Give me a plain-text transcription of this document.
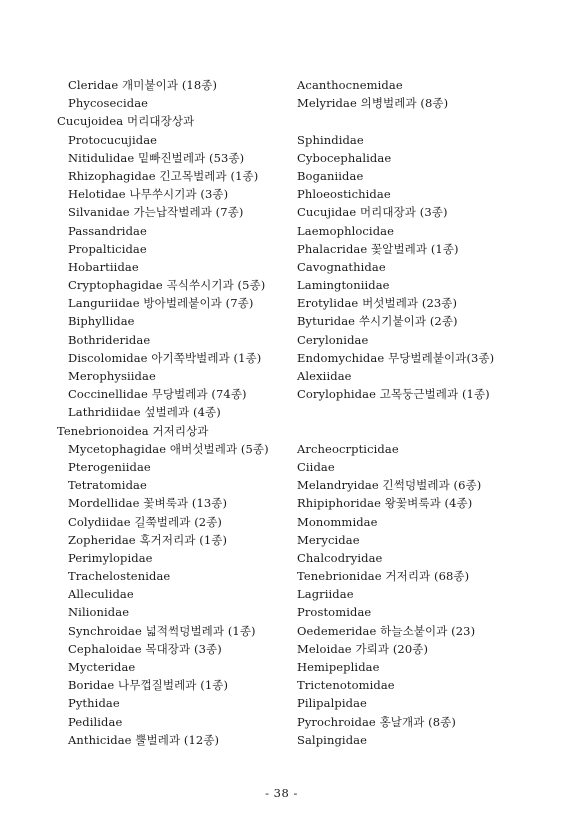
Cleridae 개미붙이과 (18종)
Phycosecidae
Cucujoidea 머리대장상과
Protocucujidae
Nitidulidae 밑빠진벌레과 (53종)
Rhizophagidae 긴고목벌레과 (1종)
Helotidae 나무쑤시기과 (3종)
Silvanidae 가는납작벌레과 (7종)
Passandridae
Propalticidae
Hobartiidae
Cryptophagidae 곡식쑤시기과 (5종)
Languriidae 방아벌레붙이과 (7종)
Biphyllidae
Bothrideridae
Discolomidae 아기쪽박벌레과 (1종)
Merophysiidae
Coccinellidae 무당벌레과 (74종)
Lathridiidae 섶벌레과 (4종)
Tenebrionoidea 거저리상과
Mycetophagidae 애버섯벌레과 (5종)
Pterogeniidae
Tetratomidae
Mordellidae 꽃벼룩과 (13종)
Colydiidae 길쭉벌레과 (2종)
Zopheridae 혹거저리과 (1종)
Perimylopidae
Trachelostenidae
Alleculidae
Nilionidae
Synchroidae 넓적썩덩벌레과 (1종)
Cephaloidae 목대장과 (3종)
Mycteridae
Boridae 나무껍질벌레과 (1종)
Pythidae
Pedilidae
Anthicidae 뿔벌레과 (12종)
Acanthocnemidae
Melyridae 의병벌레과 (8종)
Sphindidae
Cybocephalidae
Boganiidae
Phloeostichidae
Cucujidae 머리대장과 (3종)
Laemophlocidae
Phalacridae 꽃알벌레과 (1종)
Cavognathidae
Lamingtoniidae
Erotylidae 버섯벌레과 (23종)
Byturidae 쑤시기붙이과 (2종)
Cerylonidae
Endomychidae 무당벌레붙이과(3종)
Alexiidae
Corylophidae 고목둥근벌레과 (1종)
Archeocrpticidae
Ciidae
Melandryidae 긴썩덩벌레과 (6종)
Rhipiphoridae 왕꽃벼룩과 (4종)
Monommidae
Merycidae
Chalcodryidae
Tenebrionidae 거저리과 (68종)
Lagriidae
Prostomidae
Oedemeridae 하늘소붙이과 (23)
Meloidae 가뢰과 (20종)
Hemipeplidae
Trictenotomidae
Pilipalpidae
Pyrochroidae 홍날개과 (8종)
Salpingidae
- 38 -
